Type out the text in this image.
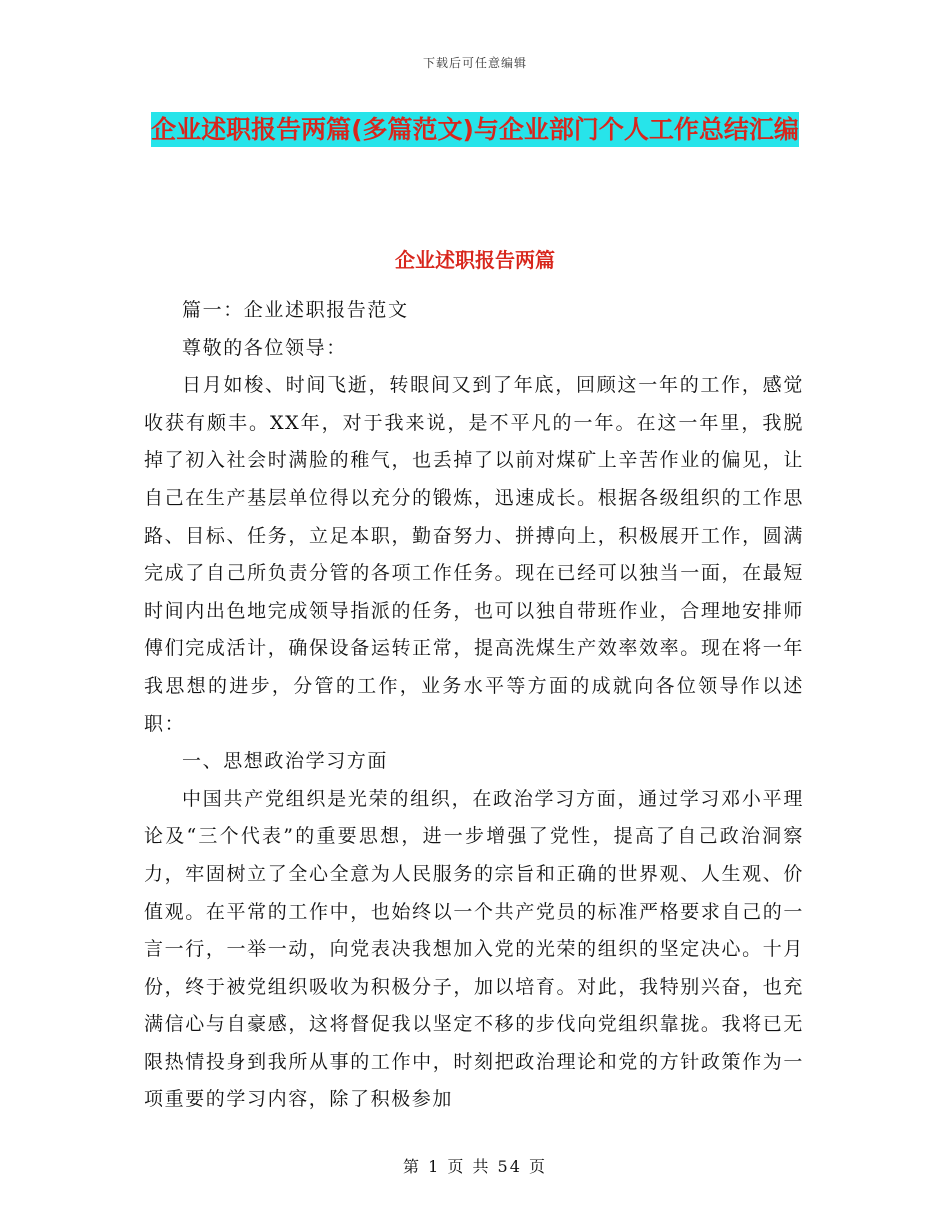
下载后可任意编辑
企业述职报告两篇(多篇范文)与企业部门个人工作总结汇编
企业述职报告两篇

篇一：企业述职报告范文

尊敬的各位领导：

日月如梭、时间飞逝，转眼间又到了年底，回顾这一年的工作，感觉收获有颇丰。XX年，对于我来说，是不平凡的一年。在这一年里，我脱掉了初入社会时满脸的稚气，也丢掉了以前对煤矿上辛苦作业的偏见，让自己在生产基层单位得以充分的锻炼，迅速成长。根据各级组织的工作思路、目标、任务，立足本职，勤奋努力、拼搏向上，积极展开工作，圆满完成了自己所负责分管的各项工作任务。现在已经可以独当一面，在最短时间内出色地完成领导指派的任务，也可以独自带班作业，合理地安排师傅们完成活计，确保设备运转正常，提高洗煤生产效率效率。现在将一年我思想的进步，分管的工作，业务水平等方面的成就向各位领导作以述职：

一、思想政治学习方面

中国共产党组织是光荣的组织，在政治学习方面，通过学习邓小平理论及“三个代表”的重要思想，进一步增强了党性，提高了自己政治洞察力，牢固树立了全心全意为人民服务的宗旨和正确的世界观、人生观、价值观。在平常的工作中，也始终以一个共产党员的标准严格要求自己的一言一行，一举一动，向党表决我想加入党的光荣的组织的坚定决心。十月份，终于被党组织吸收为积极分子，加以培育。对此，我特别兴奋，也充满信心与自豪感，这将督促我以坚定不移的步伐向党组织靠拢。我将已无限热情投身到我所从事的工作中，时刻把政治理论和党的方针政策作为一项重要的学习内容，除了积极参加

第 1 页 共 54 页
